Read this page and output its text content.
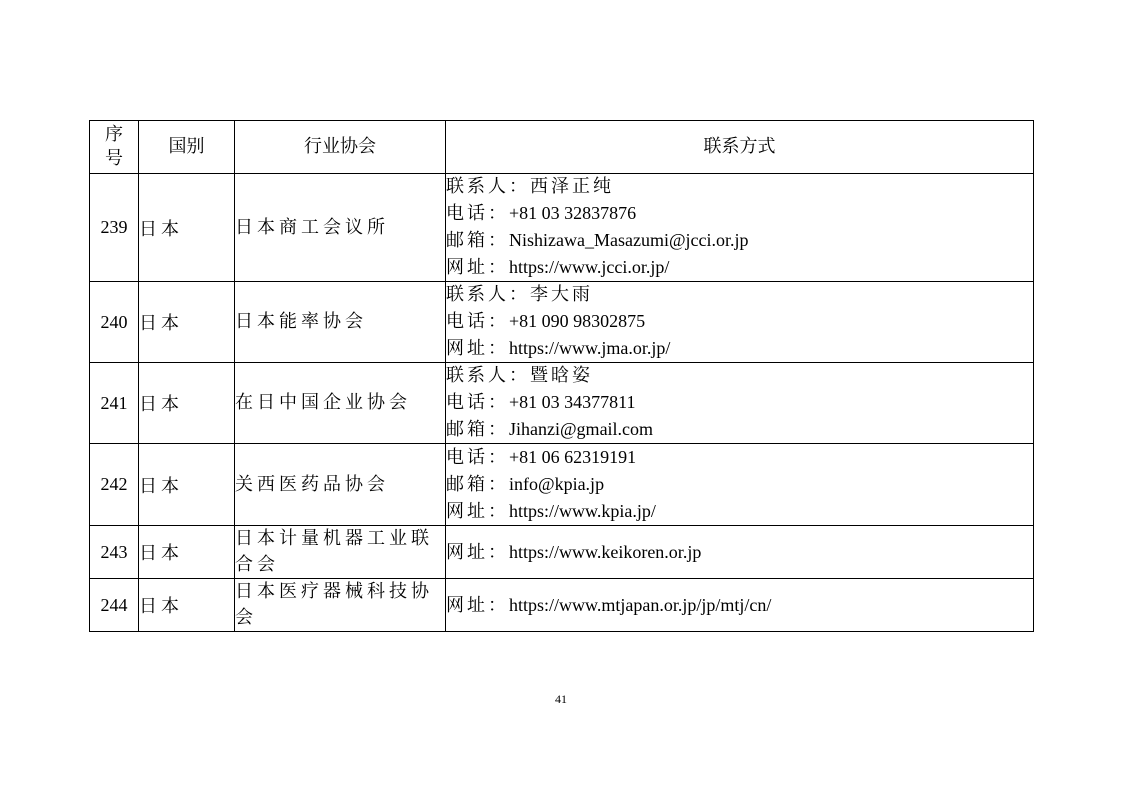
序
号	国别	行业协会	联系方式
239	日本	日本商工会议所	联系人：西泽正纯
电话：+81 03 32837876
邮箱：Nishizawa_Masazumi@jcci.or.jp
网址：https://www.jcci.or.jp/

240	日本	日本能率协会	联系人：李大雨
电话：+81 090 98302875
网址：https://www.jma.or.jp/

241	日本	在日中国企业协会	联系人：暨晗姿
电话：+81 03 34377811
邮箱：Jihanzi@gmail.com

242	日本	关西医药品协会	电话：+81 06 62319191
邮箱：info@kpia.jp
网址：https://www.kpia.jp/

243	日本	日本计量机器工业联合会	网址：https://www.keikoren.or.jp

244	日本	日本医疗器械科技协会	网址：https://www.mtjapan.or.jp/jp/mtj/cn/
41
